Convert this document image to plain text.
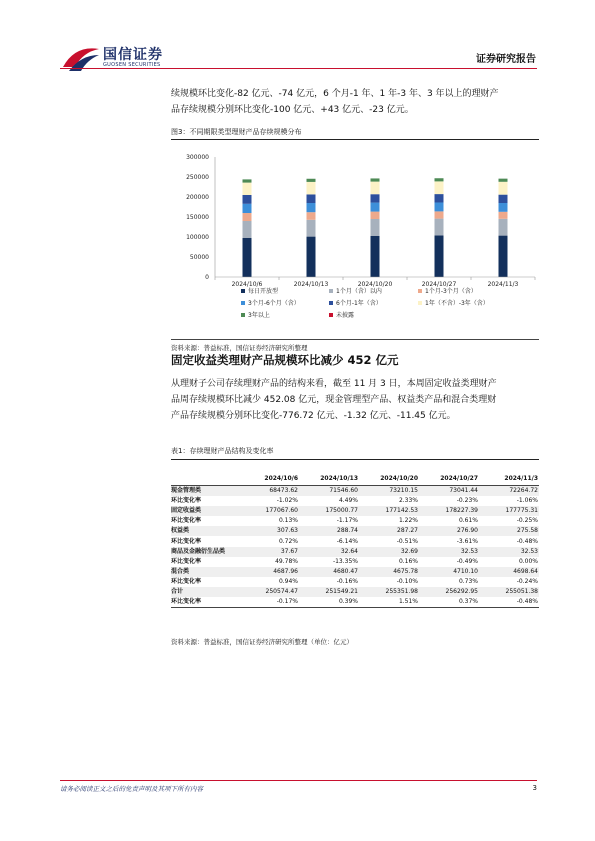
国信证券
GUOSEN SECURITIES	证券研究报告

续规模环比变化-82 亿元、-74 亿元，6 个月-1 年、1 年-3 年、3 年以上的理财产
品存续规模分别环比变化-100 亿元、+43 亿元、-23 亿元。

图3：不同期限类型理财产品存续规模分布
0
50000
100000
150000
200000
250000
300000
2024/10/6	2024/10/13	2024/10/20	2024/10/27	2024/11/3
每日开放型	1个月（含）以内	1个月-3个月（含）
3个月-6个月（含）	6个月-1年（含）	1年（不含）-3年（含）
3年以上	未披露
资料来源：普益标准，国信证券经济研究所整理
固定收益类理财产品规模环比减少 452 亿元

从理财子公司存续理财产品的结构来看，截至 11 月 3 日，本周固定收益类理财产
品周存续规模环比减少 452.08 亿元，现金管理型产品、权益类产品和混合类理财
产品存续规模分别环比变化-776.72 亿元、-1.32 亿元、-11.45 亿元。

表1：存续理财产品结构及变化率
	2024/10/6	2024/10/13	2024/10/20	2024/10/27	2024/11/3
现金管理类	68473.62	71546.60	73210.15	73041.44	72264.72
环比变化率	-1.02%	4.49%	2.33%	-0.23%	-1.06%
固定收益类	177067.60	175000.77	177142.53	178227.39	177775.31
环比变化率	0.13%	-1.17%	1.22%	0.61%	-0.25%
权益类	307.63	288.74	287.27	276.90	275.58
环比变化率	0.72%	-6.14%	-0.51%	-3.61%	-0.48%
商品及金融衍生品类	37.67	32.64	32.69	32.53	32.53
环比变化率	49.78%	-13.35%	0.16%	-0.49%	0.00%
混合类	4687.96	4680.47	4675.78	4710.10	4698.64
环比变化率	0.94%	-0.16%	-0.10%	0.73%	-0.24%
合计	250574.47	251549.21	255351.98	256292.95	255051.38
环比变化率	-0.17%	0.39%	1.51%	0.37%	-0.48%
资料来源：普益标准，国信证券经济研究所整理（单位：亿元）
请务必阅读正文之后的免责声明及其项下所有内容	3
